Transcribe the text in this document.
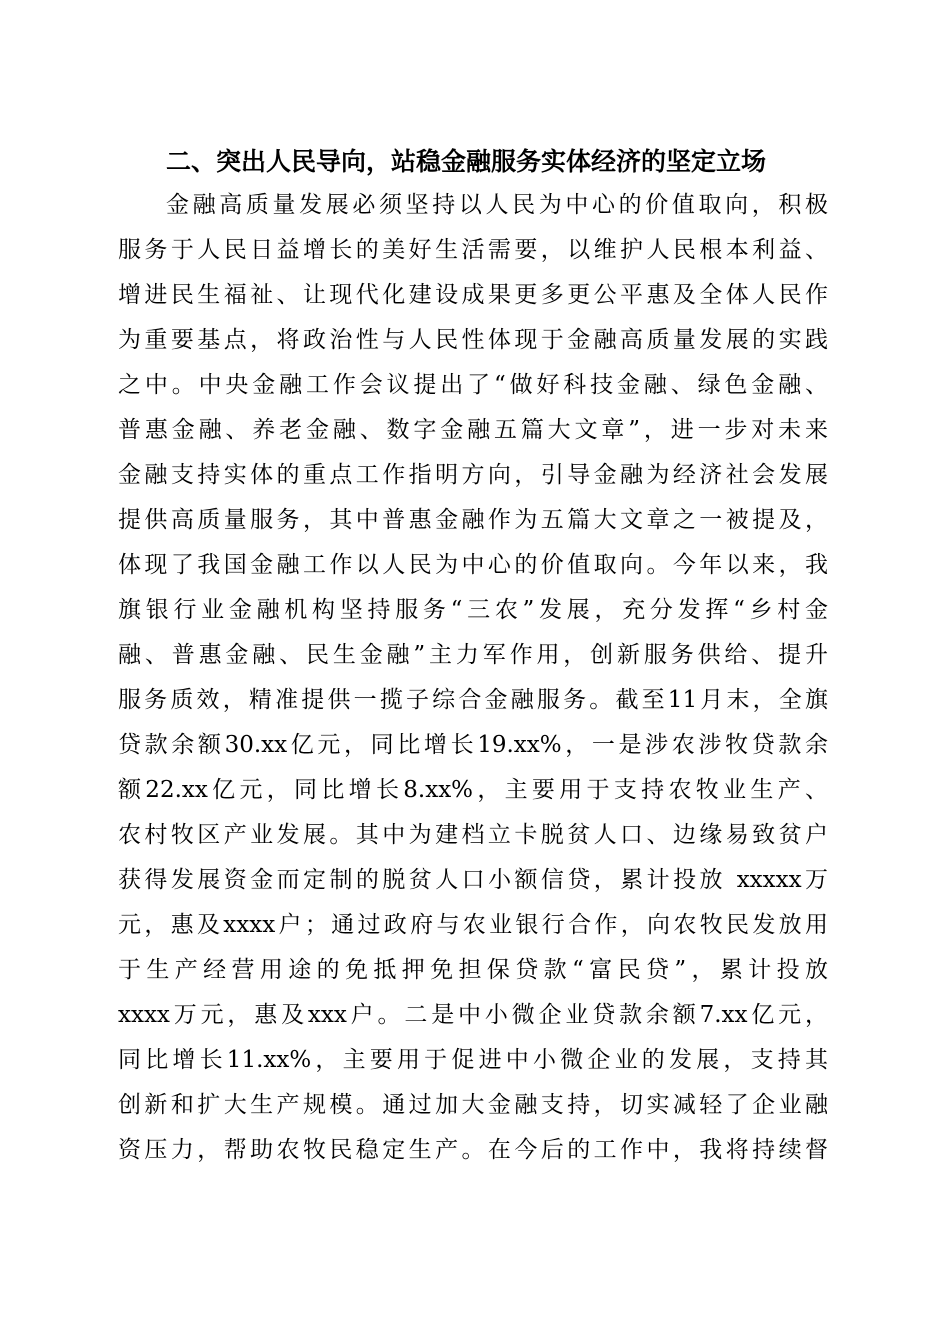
二、突出人民导向，站稳金融服务实体经济的坚定立场
金融高质量发展必须坚持以人民为中心的价值取向，积极
服务于人民日益增长的美好生活需要，以维护人民根本利益、
增进民生福祉、让现代化建设成果更多更公平惠及全体人民作
为重要基点，将政治性与人民性体现于金融高质量发展的实践
之中。中央金融工作会议提出了“做好科技金融、绿色金融、
普惠金融、养老金融、数字金融五篇大文章”，进一步对未来
金融支持实体的重点工作指明方向，引导金融为经济社会发展
提供高质量服务，其中普惠金融作为五篇大文章之一被提及，
体现了我国金融工作以人民为中心的价值取向。今年以来，我
旗银行业金融机构坚持服务“三农”发展，充分发挥“乡村金
融、普惠金融、民生金融”主力军作用，创新服务供给、提升
服务质效，精准提供一揽子综合金融服务。截至11月末，全旗
贷款余额30.xx亿元，同比增长19.xx%，一是涉农涉牧贷款余
额22.xx亿元，同比增长8.xx%，主要用于支持农牧业生产、
农村牧区产业发展。其中为建档立卡脱贫人口、边缘易致贫户
获得发展资金而定制的脱贫人口小额信贷，累计投放 xxxxx万
元，惠及xxxx户；通过政府与农业银行合作，向农牧民发放用
于生产经营用途的免抵押免担保贷款“富民贷”，累计投放
xxxx万元，惠及xxx户。二是中小微企业贷款余额7.xx亿元，
同比增长11.xx%，主要用于促进中小微企业的发展，支持其
创新和扩大生产规模。通过加大金融支持，切实减轻了企业融
资压力，帮助农牧民稳定生产。在今后的工作中，我将持续督
